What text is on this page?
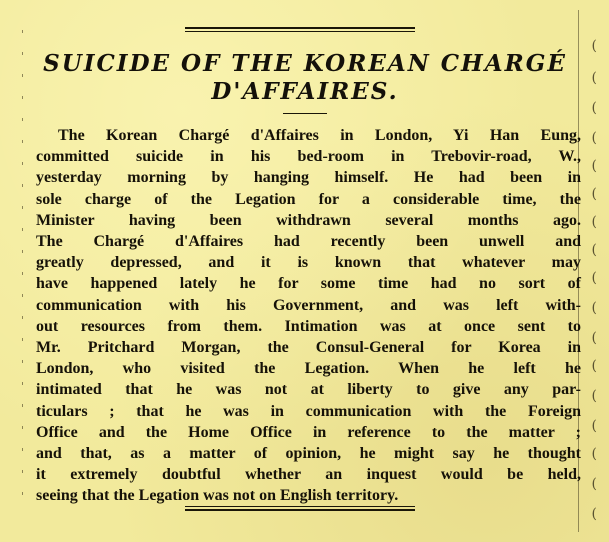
(
(
(
(
(
(
(
(
(
(
(
(
(
(
(
(
(
SUICIDE OF THE KOREAN CHARGÉ
D'AFFAIRES.
The Korean Chargé d'Affaires in London, Yi Han Eung,
committed suicide in his bed-room in Trebovir-road, W.,
yesterday morning by hanging himself. He had been in
sole charge of the Legation for a considerable time, the
Minister having been withdrawn several months ago.
The Chargé d'Affaires had recently been unwell and
greatly depressed, and it is known that whatever may
have happened lately he for some time had no sort of
communication with his Government, and was left with-
out resources from them. Intimation was at once sent to
Mr. Pritchard Morgan, the Consul-General for Korea in
London, who visited the Legation. When he left he
intimated that he was not at liberty to give any par-
ticulars ; that he was in communication with the Foreign
Office and the Home Office in reference to the matter ;
and that, as a matter of opinion, he might say he thought
it extremely doubtful whether an inquest would be held,
seeing that the Legation was not on English territory.
